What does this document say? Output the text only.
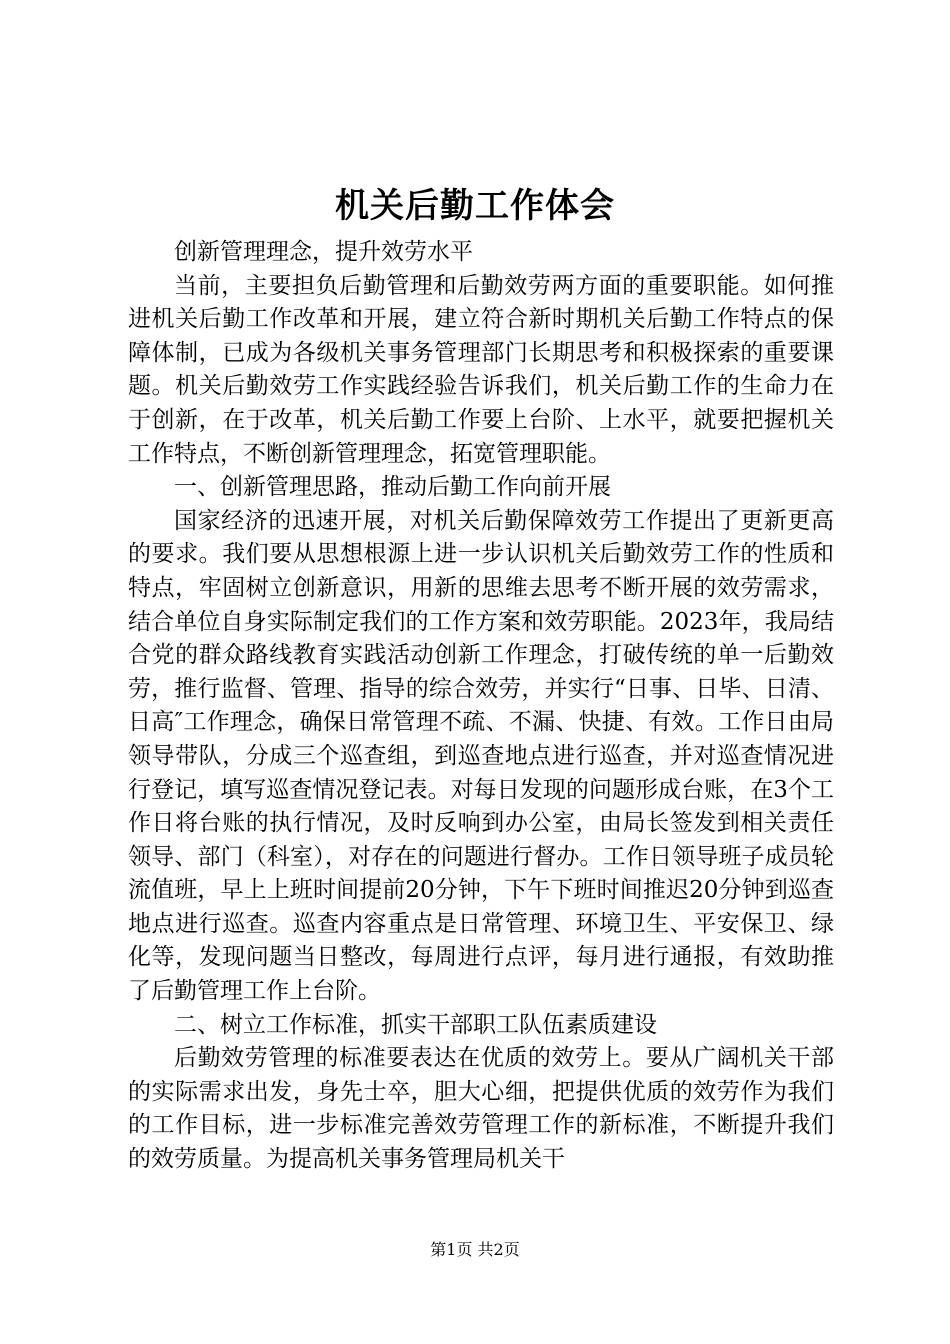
机关后勤工作体会

创新管理理念，提升效劳水平

当前，主要担负后勤管理和后勤效劳两方面的重要职能。如何推进机关后勤工作改革和开展，建立符合新时期机关后勤工作特点的保障体制，已成为各级机关事务管理部门长期思考和积极探索的重要课题。机关后勤效劳工作实践经验告诉我们，机关后勤工作的生命力在于创新，在于改革，机关后勤工作要上台阶、上水平，就要把握机关工作特点，不断创新管理理念，拓宽管理职能。

一、创新管理思路，推动后勤工作向前开展

国家经济的迅速开展，对机关后勤保障效劳工作提出了更新更高的要求。我们要从思想根源上进一步认识机关后勤效劳工作的性质和特点，牢固树立创新意识，用新的思维去思考不断开展的效劳需求，结合单位自身实际制定我们的工作方案和效劳职能。2023年，我局结合党的群众路线教育实践活动创新工作理念，打破传统的单一后勤效劳，推行监督、管理、指导的综合效劳，并实行“日事、日毕、日清、日高″工作理念，确保日常管理不疏、不漏、快捷、有效。工作日由局领导带队，分成三个巡查组，到巡查地点进行巡查，并对巡查情况进行登记，填写巡查情况登记表。对每日发现的问题形成台账，在3个工作日将台账的执行情况，及时反响到办公室，由局长签发到相关责任领导、部门（科室），对存在的问题进行督办。工作日领导班子成员轮流值班，早上上班时间提前20分钟，下午下班时间推迟20分钟到巡查地点进行巡查。巡查内容重点是日常管理、环境卫生、平安保卫、绿化等，发现问题当日整改，每周进行点评，每月进行通报，有效助推了后勤管理工作上台阶。

二、树立工作标准，抓实干部职工队伍素质建设

后勤效劳管理的标准要表达在优质的效劳上。要从广阔机关干部的实际需求出发，身先士卒，胆大心细，把提供优质的效劳作为我们的工作目标，进一步标准完善效劳管理工作的新标准，不断提升我们的效劳质量。为提高机关事务管理局机关干

第1页 共2页
